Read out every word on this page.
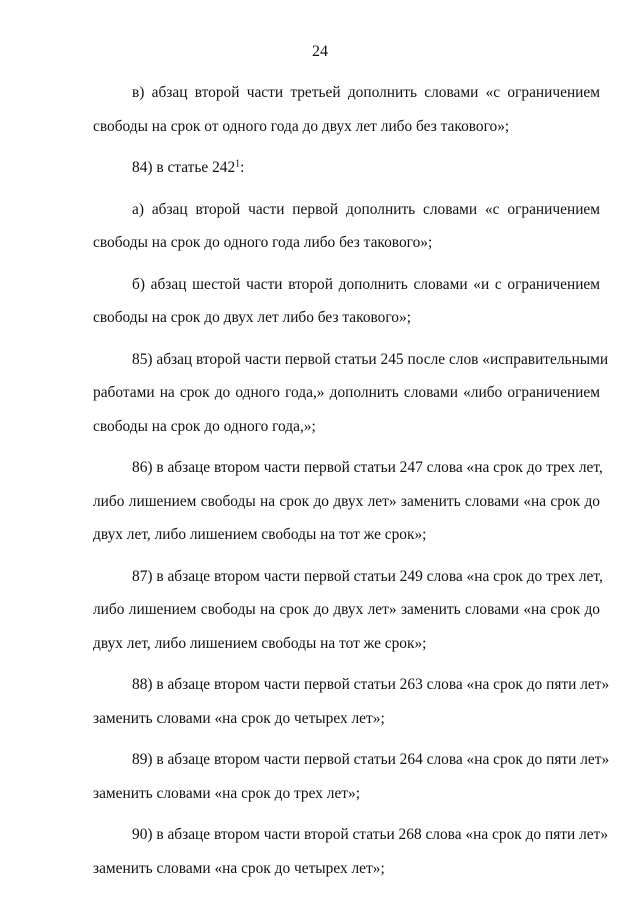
24
в) абзац второй части третьей дополнить словами «с ограничением
свободы на срок от одного года до двух лет либо без такового»;
84) в статье $242^1$:
а) абзац второй части первой дополнить словами «с ограничением
свободы на срок до одного года либо без такового»;
б) абзац шестой части второй дополнить словами «и с ограничением
свободы на срок до двух лет либо без такового»;
85) абзац второй части первой статьи 245 после слов «исправительными
работами на срок до одного года,» дополнить словами «либо ограничением
свободы на срок до одного года,»;
86) в абзаце втором части первой статьи 247 слова «на срок до трех лет,
либо лишением свободы на срок до двух лет» заменить словами «на срок до
двух лет, либо лишением свободы на тот же срок»;
87) в абзаце втором части первой статьи 249 слова «на срок до трех лет,
либо лишением свободы на срок до двух лет» заменить словами «на срок до
двух лет, либо лишением свободы на тот же срок»;
88) в абзаце втором части первой статьи 263 слова «на срок до пяти лет»
заменить словами «на срок до четырех лет»;
89) в абзаце втором части первой статьи 264 слова «на срок до пяти лет»
заменить словами «на срок до трех лет»;
90) в абзаце втором части второй статьи 268 слова «на срок до пяти лет»
заменить словами «на срок до четырех лет»;
